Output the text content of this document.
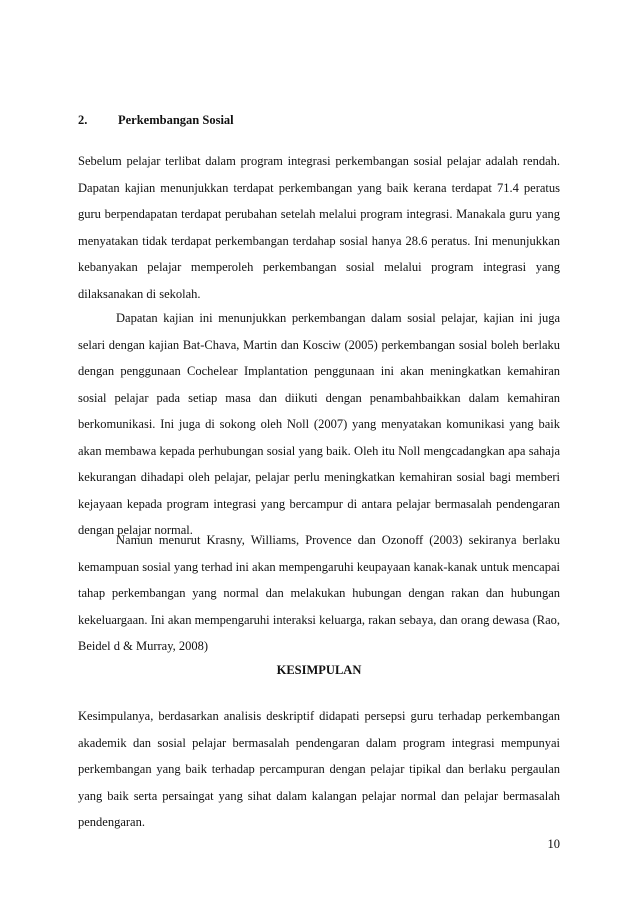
2. Perkembangan Sosial

Sebelum pelajar terlibat dalam program integrasi perkembangan sosial pelajar adalah rendah. Dapatan kajian menunjukkan terdapat perkembangan yang baik kerana terdapat 71.4 peratus guru berpendapatan terdapat perubahan setelah melalui program integrasi. Manakala guru yang menyatakan tidak terdapat perkembangan terdahap sosial hanya 28.6 peratus. Ini menunjukkan kebanyakan pelajar memperoleh perkembangan sosial melalui program integrasi yang dilaksanakan di sekolah.

Dapatan kajian ini menunjukkan perkembangan dalam sosial pelajar, kajian ini juga selari dengan kajian Bat-Chava, Martin dan Kosciw (2005) perkembangan sosial boleh berlaku dengan penggunaan Cochelear Implantation penggunaan ini akan meningkatkan kemahiran sosial pelajar pada setiap masa dan diikuti dengan penambahbaikkan dalam kemahiran berkomunikasi. Ini juga di sokong oleh Noll (2007) yang menyatakan komunikasi yang baik akan membawa kepada perhubungan sosial yang baik. Oleh itu Noll mengcadangkan apa sahaja kekurangan dihadapi oleh pelajar, pelajar perlu meningkatkan kemahiran sosial bagi memberi kejayaan kepada program integrasi yang bercampur di antara pelajar bermasalah pendengaran dengan pelajar normal.

Namun menurut Krasny, Williams, Provence dan Ozonoff (2003) sekiranya berlaku kemampuan sosial yang terhad ini akan mempengaruhi keupayaan kanak-kanak untuk mencapai tahap perkembangan yang normal dan melakukan hubungan dengan rakan dan hubungan kekeluargaan. Ini akan mempengaruhi interaksi keluarga, rakan sebaya, dan orang dewasa (Rao, Beidel d & Murray, 2008)

KESIMPULAN

Kesimpulanya, berdasarkan analisis deskriptif didapati persepsi guru terhadap perkembangan akademik dan sosial pelajar bermasalah pendengaran dalam program integrasi mempunyai perkembangan yang baik terhadap percampuran dengan pelajar tipikal dan berlaku pergaulan yang baik serta persaingat yang sihat dalam kalangan pelajar normal dan pelajar bermasalah pendengaran.

10
